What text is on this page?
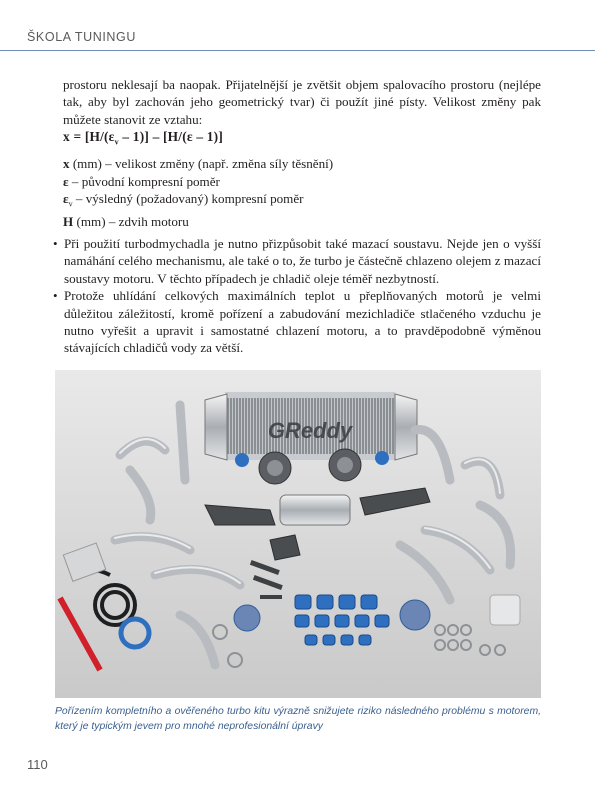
ŠKOLA TUNINGU
prostoru neklesají ba naopak. Přijatelnější je zvětšit objem spalovacího prostoru (nejlépe tak, aby byl zachován jeho geometrický tvar) či použít jiné písty. Velikost změny pak můžete stanovit ze vztahu:
$x = [H/(\varepsilon_v - 1)] - [H/(\varepsilon - 1)]$
x (mm) – velikost změny (např. změna síly těsnění)
ε – původní kompresní poměr
$\varepsilon_v$ – výsledný (požadovaný) kompresní poměr
H (mm) – zdvih motoru
• Při použití turbodmychadla je nutno přizpůsobit také mazací soustavu. Nejde jen o vyšší namáhání celého mechanismu, ale také o to, že turbo je částečně chlazeno olejem z mazací soustavy motoru. V těchto případech je chladič oleje téměř nezbytností.
• Protože uhlídání celkových maximálních teplot u přeplňovaných motorů je velmi důležitou záležitostí, kromě pořízení a zabudování mezichladiče stlačeného vzduchu je nutno vyřešit a upravit i samostatné chlazení motoru, a to pravděpodobně výměnou stávajících chladičů vody za větší.
GReddy
Pořízením kompletního a ověřeného turbo kitu výrazně snižujete riziko následného problému s motorem, který je typickým jevem pro mnohé neprofesionální úpravy
110
